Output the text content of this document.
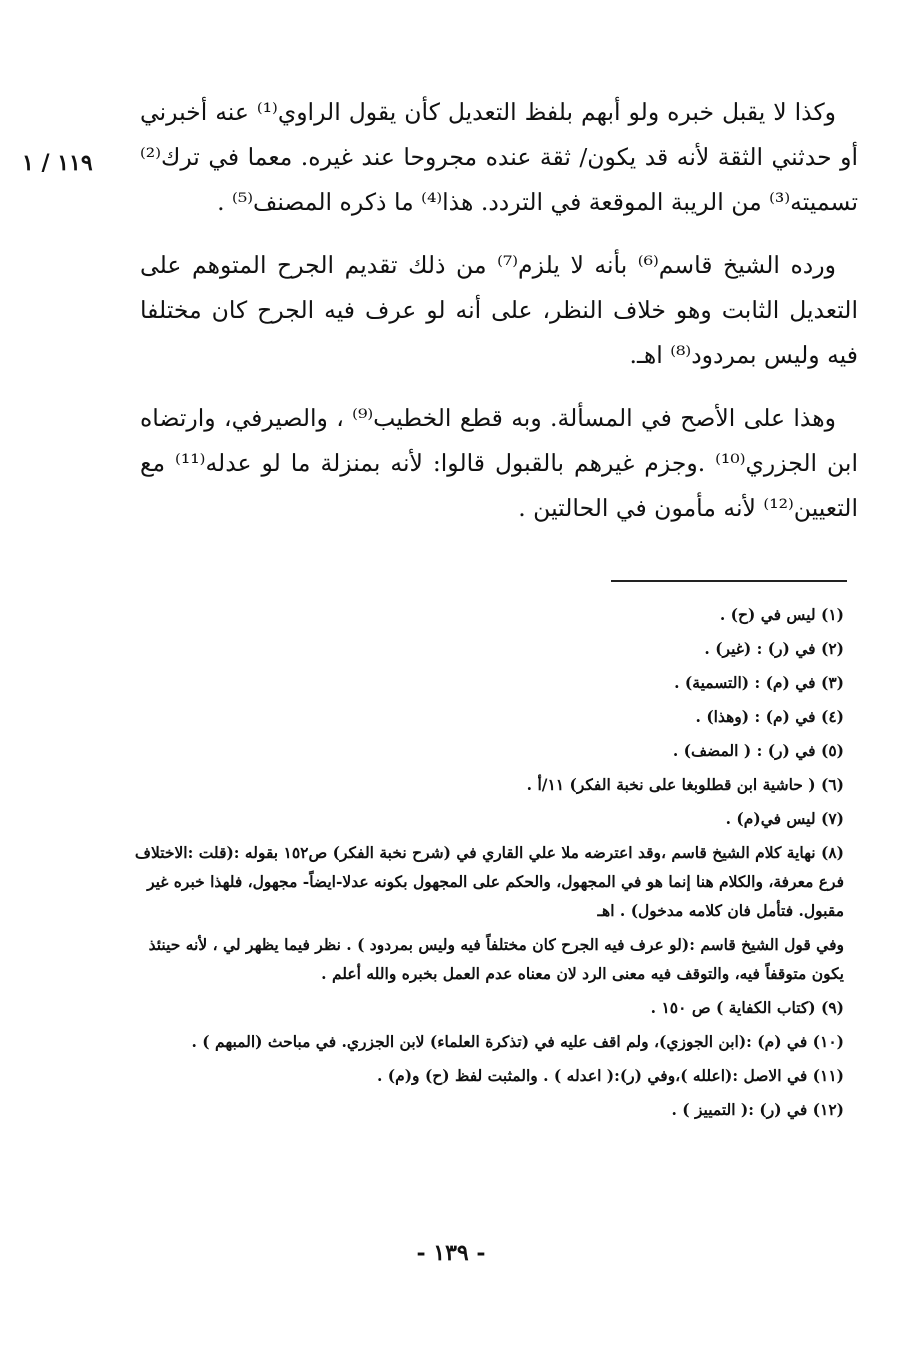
١١٩ / ١

وكذا لا يقبل خبره ولو أبهم بلفظ التعديل كأن يقول الراوي⁽¹⁾ عنه أخبرني أو حدثني الثقة لأنه قد يكون/ ثقة عنده مجروحا عند غيره. معما في ترك⁽²⁾ تسميته⁽³⁾ من الريبة الموقعة في التردد. هذا⁽⁴⁾ ما ذكره المصنف⁽⁵⁾ .

ورده الشيخ قاسم⁽⁶⁾ بأنه لا يلزم⁽⁷⁾ من ذلك تقديم الجرح المتوهم على التعديل الثابت وهو خلاف النظر، على أنه لو عرف فيه الجرح كان مختلفا فيه وليس بمردود⁽⁸⁾ اهـ.

وهذا على الأصح في المسألة. وبه قطع الخطيب⁽⁹⁾ ، والصيرفي، وارتضاه ابن الجزري⁽¹⁰⁾ .وجزم غيرهم بالقبول قالوا: لأنه بمنزلة ما لو عدله⁽¹¹⁾ مع التعيين⁽¹²⁾ لأنه مأمون في الحالتين .

(١) ليس في (ح) .
(٢) في (ر) : (غير) .
(٣) في (م) : (التسمية) .
(٤) في (م) : (وهذا) .
(٥) في (ر) : ( المضف) .
(٦) ( حاشية ابن قطلوبغا على نخبة الفكر) ١١/أ .
(٧) ليس في(م) .
(٨) نهاية كلام الشيخ قاسم ،وقد اعترضه ملا علي القاري في (شرح نخبة الفكر) ص١٥٢ بقوله :(قلت :الاختلاف فرع معرفة، والكلام هنا إنما هو في المجهول، والحكم على المجهول بكونه عدلا-ايضاً- مجهول، فلهذا خبره غير مقبول. فتأمل فان كلامه مدخول) . اهـ
وفي قول الشيخ قاسم :(لو عرف فيه الجرح كان مختلفاً فيه وليس بمردود ) . نظر فيما يظهر لي ، لأنه حينئذ يكون متوقفاً فيه، والتوقف فيه معنى الرد لان معناه عدم العمل بخبره والله أعلم .
(٩) (كتاب الكفاية ) ص ١٥٠ .
(١٠) في (م) :(ابن الجوزي)، ولم اقف عليه في (تذكرة العلماء) لابن الجزري. في مباحث (المبهم ) .
(١١) في الاصل :(اعلله )،وفي (ر):( اعدله ) . والمثبت لفظ (ح) و(م) .
(١٢) في (ر) :( التمييز ) .
- ١٣٩ -
